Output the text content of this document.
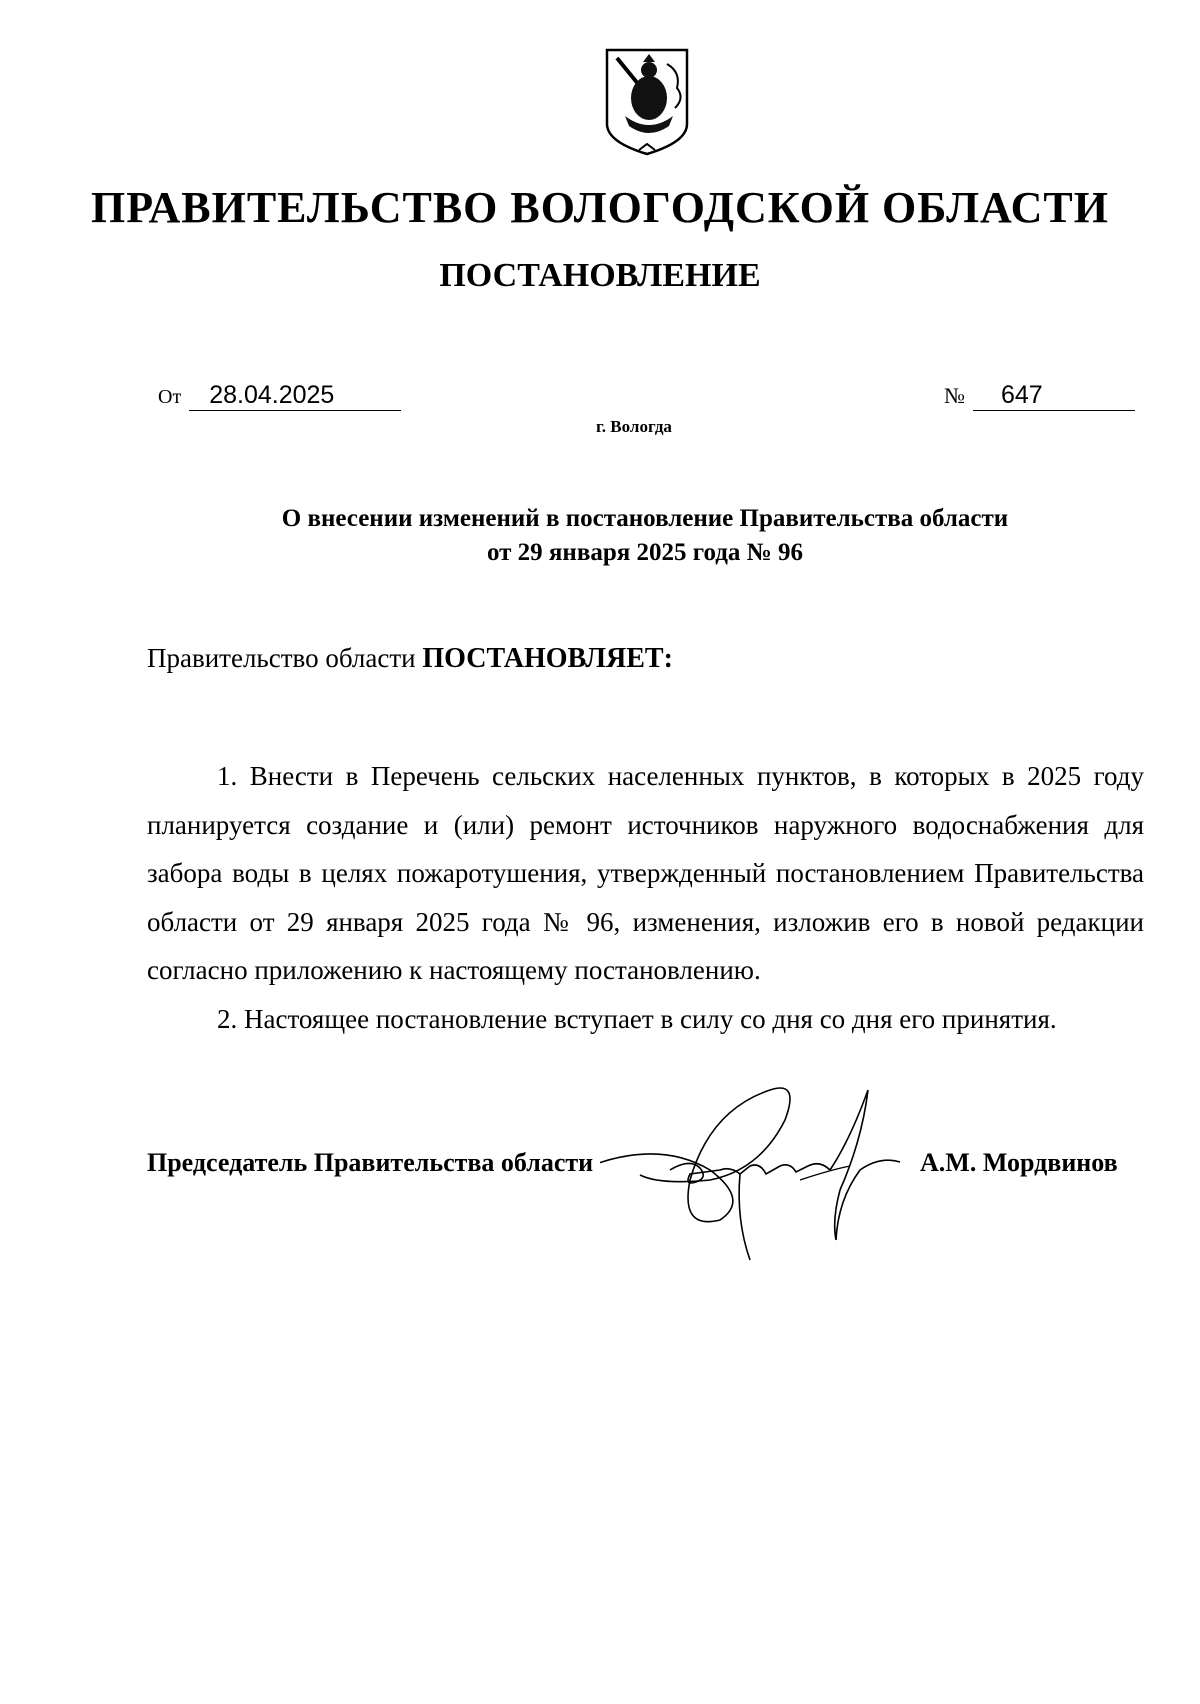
ПРАВИТЕЛЬСТВО ВОЛОГОДСКОЙ ОБЛАСТИ
ПОСТАНОВЛЕНИЕ
От 28.04.2025	№ 647
г. Вологда
О внесении изменений в постановление Правительства области
от 29 января 2025 года № 96
Правительство области ПОСТАНОВЛЯЕТ:

1. Внести в Перечень сельских населенных пунктов, в которых в 2025 году планируется создание и (или) ремонт источников наружного водоснабжения для забора воды в целях пожаротушения, утвержденный постановлением Правительства области от 29 января 2025 года № 96, изменения, изложив его в новой редакции согласно приложению к настоящему постановлению.

2. Настоящее постановление вступает в силу со дня со дня его принятия.

Председатель Правительства области	А.М. Мордвинов
